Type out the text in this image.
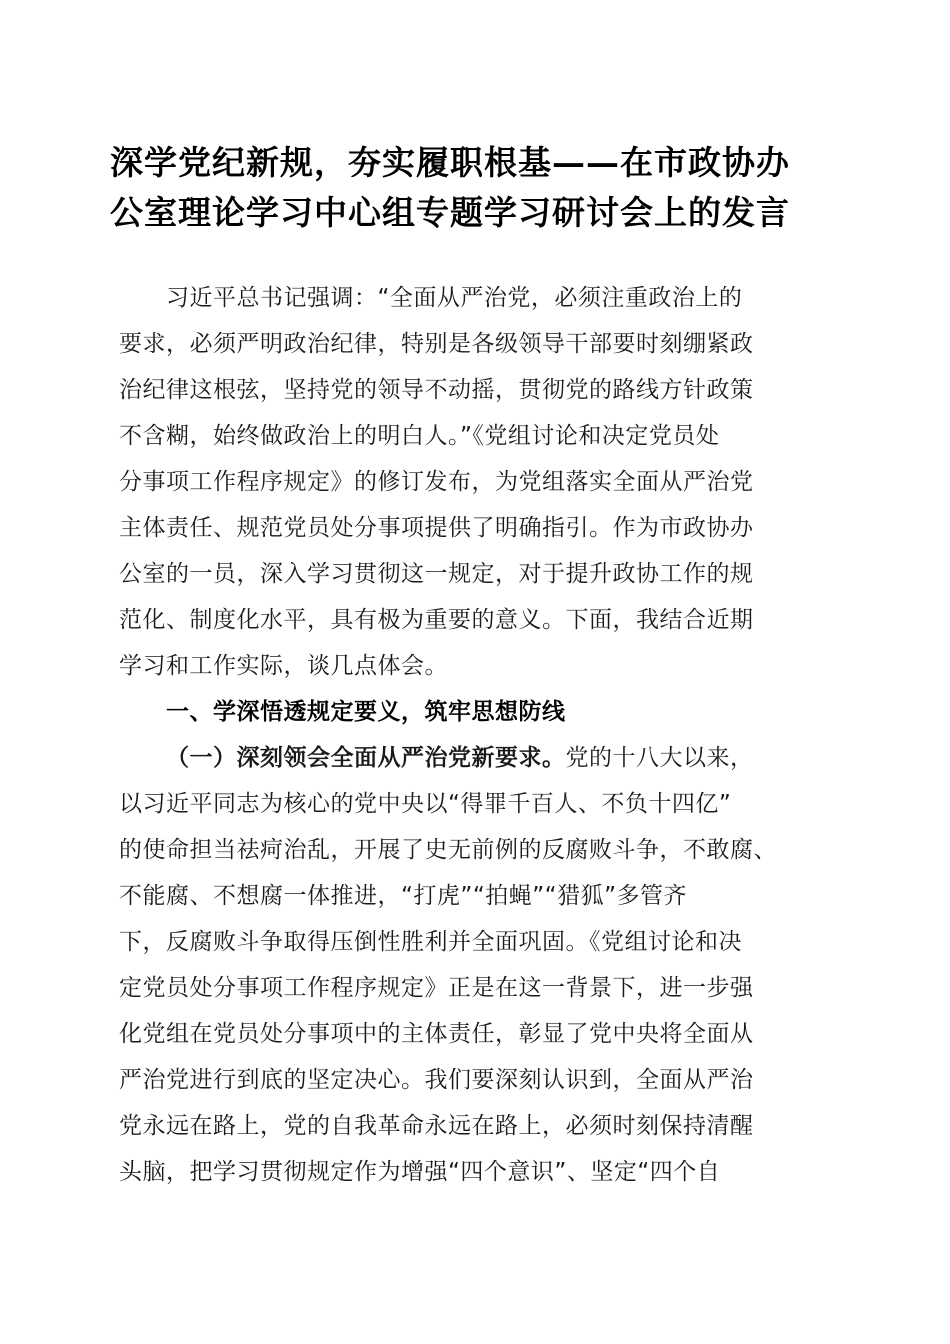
深学党纪新规，夯实履职根基——在市政协办
公室理论学习中心组专题学习研讨会上的发言
习近平总书记强调：“全面从严治党，必须注重政治上的
要求，必须严明政治纪律，特别是各级领导干部要时刻绷紧政
治纪律这根弦，坚持党的领导不动摇，贯彻党的路线方针政策
不含糊，始终做政治上的明白人。”《党组讨论和决定党员处
分事项工作程序规定》的修订发布，为党组落实全面从严治党
主体责任、规范党员处分事项提供了明确指引。作为市政协办
公室的一员，深入学习贯彻这一规定，对于提升政协工作的规
范化、制度化水平，具有极为重要的意义。下面，我结合近期
学习和工作实际，谈几点体会。
一、学深悟透规定要义，筑牢思想防线
（一）深刻领会全面从严治党新要求。党的十八大以来，
以习近平同志为核心的党中央以“得罪千百人、不负十四亿”
的使命担当祛疴治乱，开展了史无前例的反腐败斗争，不敢腐、
不能腐、不想腐一体推进，“打虎”“拍蝇”“猎狐”多管齐
下，反腐败斗争取得压倒性胜利并全面巩固。《党组讨论和决
定党员处分事项工作程序规定》正是在这一背景下，进一步强
化党组在党员处分事项中的主体责任，彰显了党中央将全面从
严治党进行到底的坚定决心。我们要深刻认识到，全面从严治
党永远在路上，党的自我革命永远在路上，必须时刻保持清醒
头脑，把学习贯彻规定作为增强“四个意识”、坚定“四个自
